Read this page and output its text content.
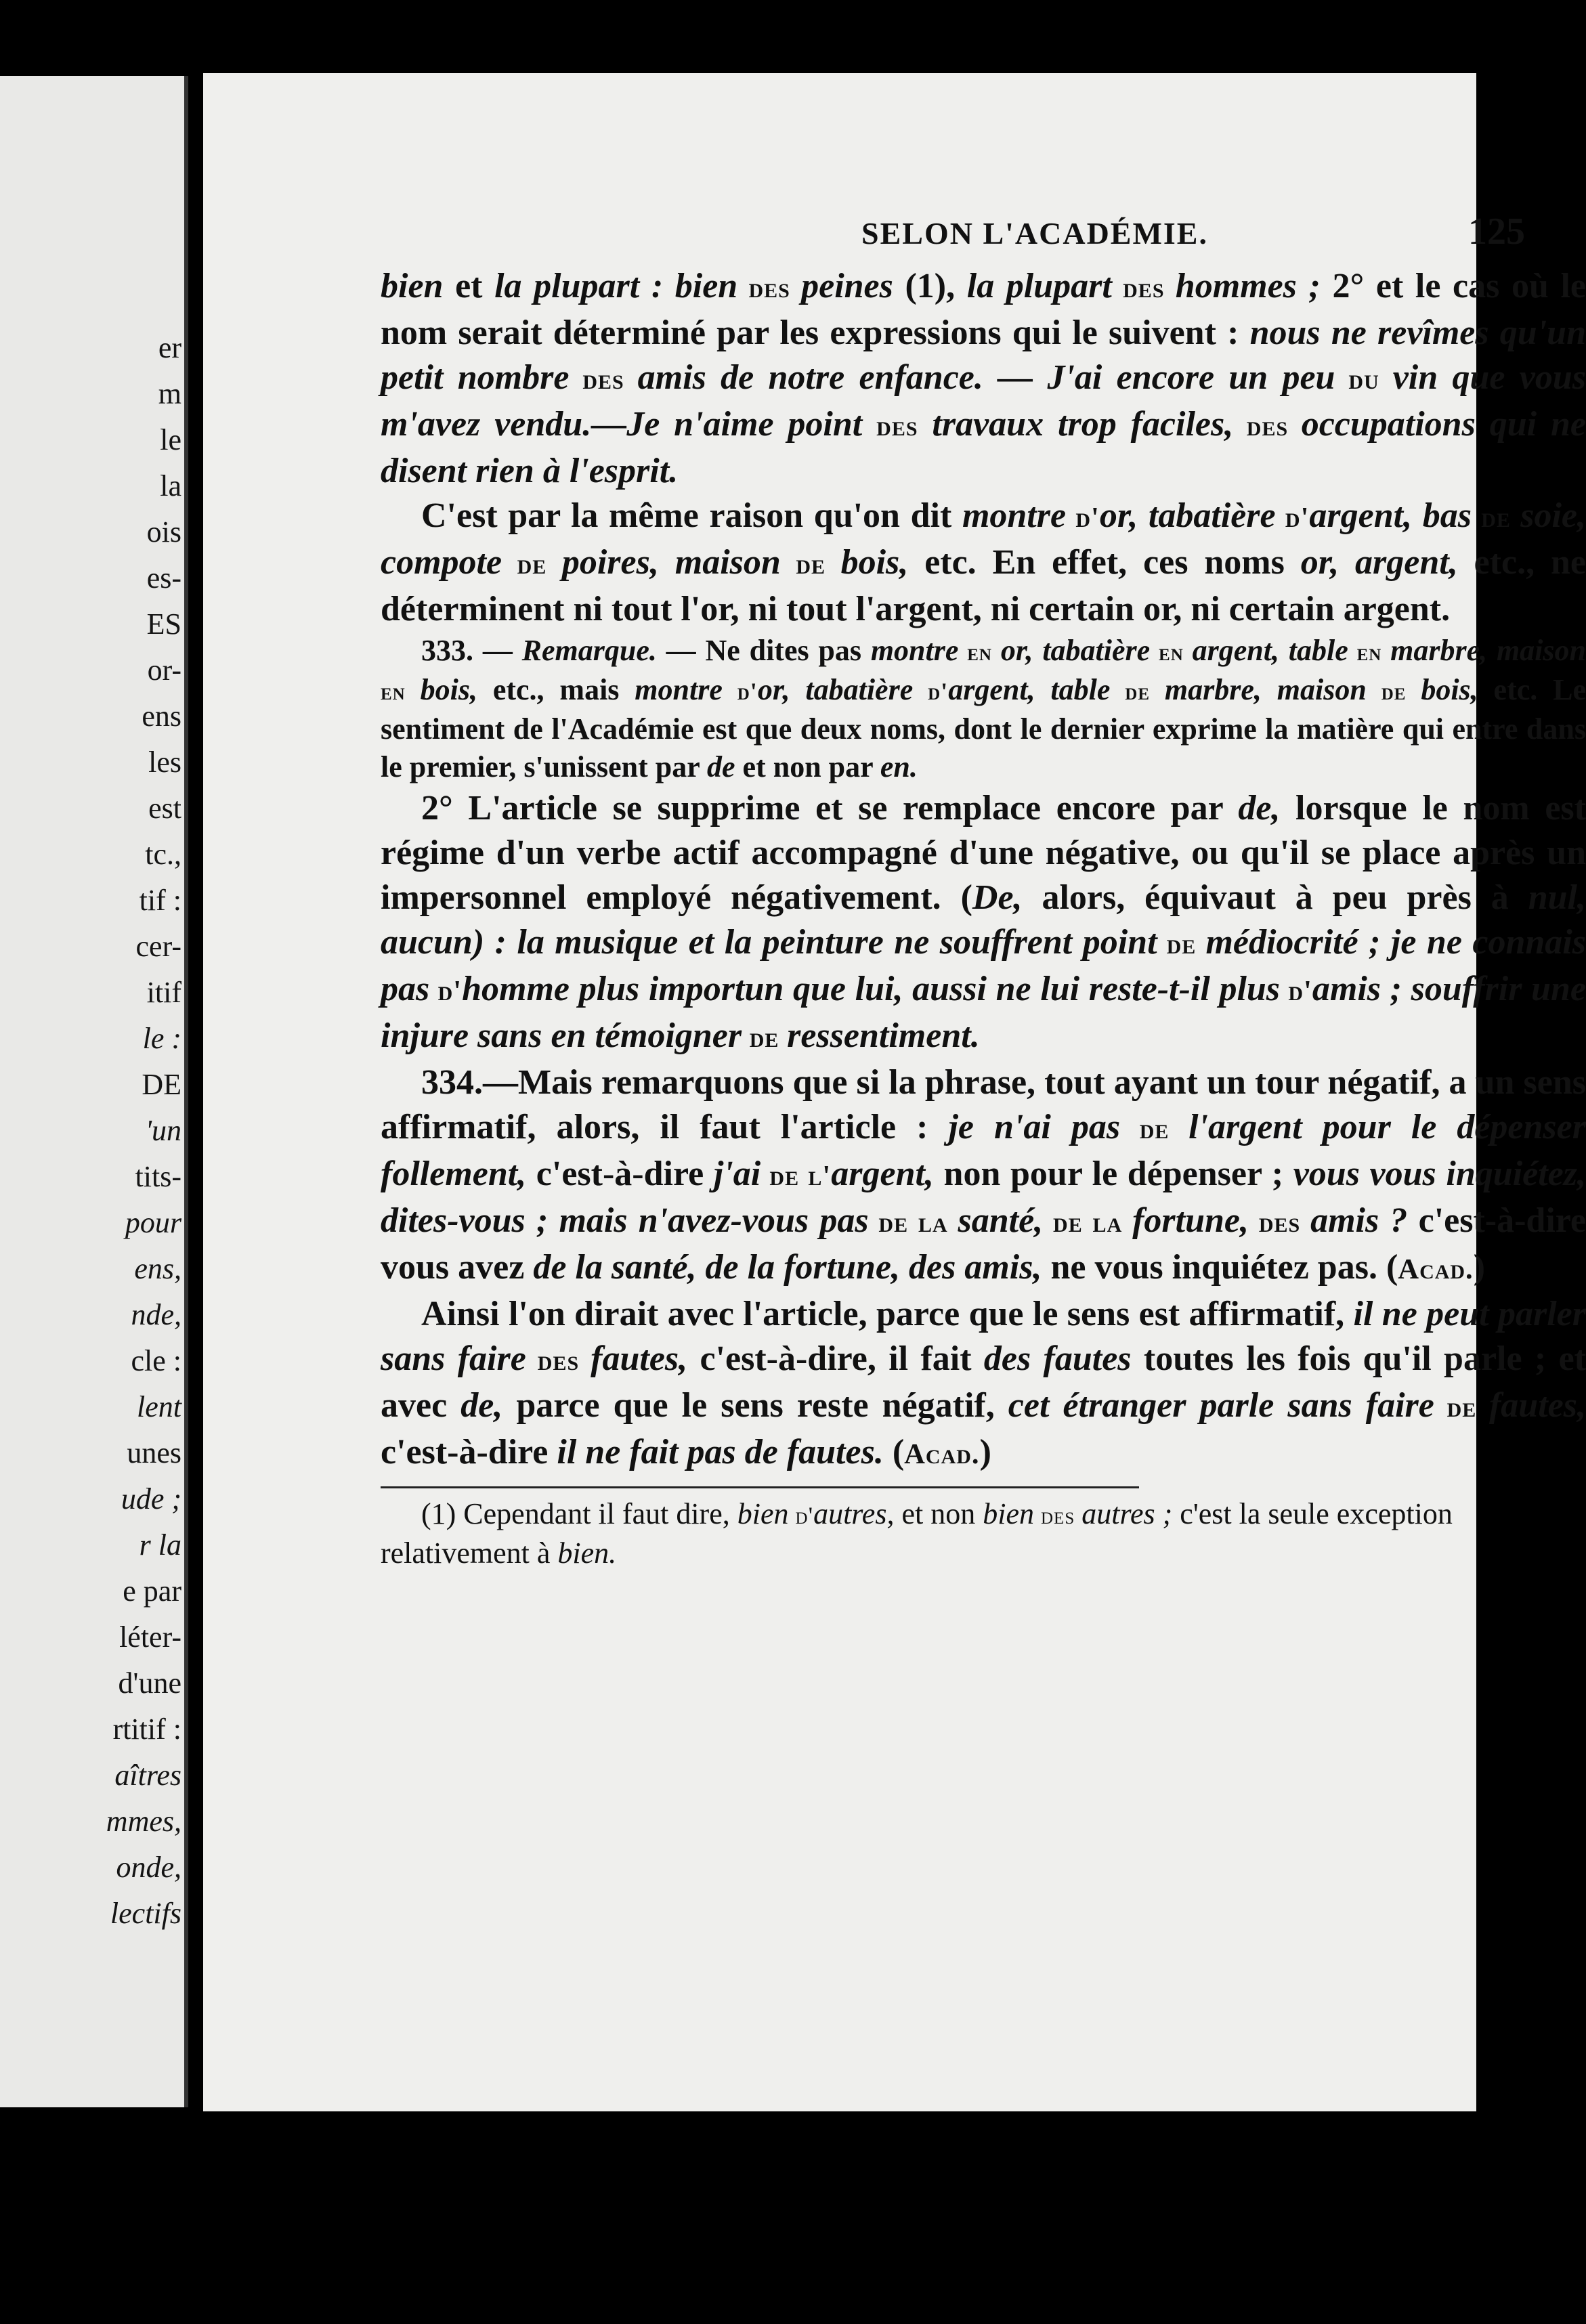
er
m
le
la
ois
es-
ES
or-
ens
les
est
tc.,
tif :
cer-
itif
le :
DE
'un
tits-
pour
ens,
nde,
cle :
lent
unes
ude ;
r la
e par
léter-
d'une
rtitif :
aîtres
mmes,
onde,
lectifs
SELON L'ACADÉMIE.	125

bien et la plupart : bien des peines (1), la plupart des hommes ; 2° et le cas où le nom serait déterminé par les expressions qui le suivent : nous ne revîmes qu'un petit nombre des amis de notre enfance. — J'ai encore un peu du vin que vous m'avez vendu.—Je n'aime point des travaux trop faciles, des occupations qui ne disent rien à l'esprit.

C'est par la même raison qu'on dit montre d'or, tabatière d'argent, bas de soie, compote de poires, maison de bois, etc. En effet, ces noms or, argent, etc., ne déterminent ni tout l'or, ni tout l'argent, ni certain or, ni certain argent.

333. — Remarque. — Ne dites pas montre en or, tabatière en argent, table en marbre, maison en bois, etc., mais montre d'or, tabatière d'argent, table de marbre, maison de bois, etc. Le sentiment de l'Académie est que deux noms, dont le dernier exprime la matière qui entre dans le premier, s'unissent par de et non par en.

2° L'article se supprime et se remplace encore par de, lorsque le nom est régime d'un verbe actif accompagné d'une négative, ou qu'il se place après un impersonnel employé négativement. (De, alors, équivaut à peu près à nul, aucun) : la musique et la peinture ne souffrent point de médiocrité ; je ne connais pas d'homme plus importun que lui, aussi ne lui reste-t-il plus d'amis ; souffrir une injure sans en témoigner de ressentiment.

334.—Mais remarquons que si la phrase, tout ayant un tour négatif, a un sens affirmatif, alors, il faut l'article : je n'ai pas de l'argent pour le dépenser follement, c'est-à-dire j'ai de l'argent, non pour le dépenser ; vous vous inquiétez, dites-vous ; mais n'avez-vous pas de la santé, de la fortune, des amis ? c'est-à-dire vous avez de la santé, de la fortune, des amis, ne vous inquiétez pas. (Acad.)

Ainsi l'on dirait avec l'article, parce que le sens est affirmatif, il ne peut parler sans faire des fautes, c'est-à-dire, il fait des fautes toutes les fois qu'il parle ; et avec de, parce que le sens reste négatif, cet étranger parle sans faire de fautes, c'est-à-dire il ne fait pas de fautes. (Acad.)

(1) Cependant il faut dire, bien d'autres, et non bien des autres ; c'est la seule exception relativement à bien.
